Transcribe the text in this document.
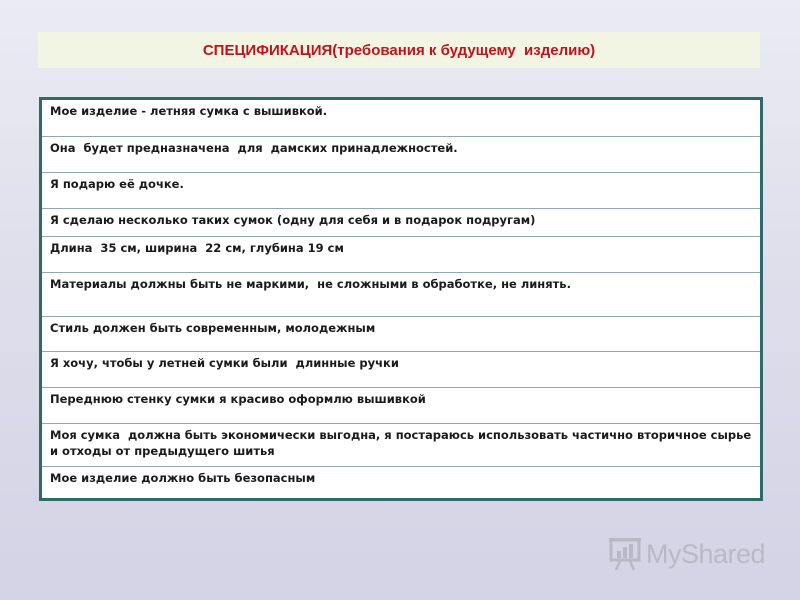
СПЕЦИФИКАЦИЯ (требования к будущему  изделию)
Мое изделие - летняя сумка с вышивкой.
Она  будет предназначена  для  дамских принадлежностей.
Я подарю её дочке.
Я сделаю несколько таких сумок (одну для себя и в подарок подругам)
Длина  35 см, ширина  22 см, глубина 19 см
Материалы должны быть не маркими,  не сложными в обработке, не линять.
Стиль должен быть современным, молодежным
Я хочу, чтобы у летней сумки были  длинные ручки
Переднюю стенку сумки я красиво оформлю вышивкой
Моя сумка  должна быть экономически выгодна, я постараюсь использовать частично вторичное сырье и отходы от предыдущего шитья
Мое изделие должно быть безопасным
MyShared
